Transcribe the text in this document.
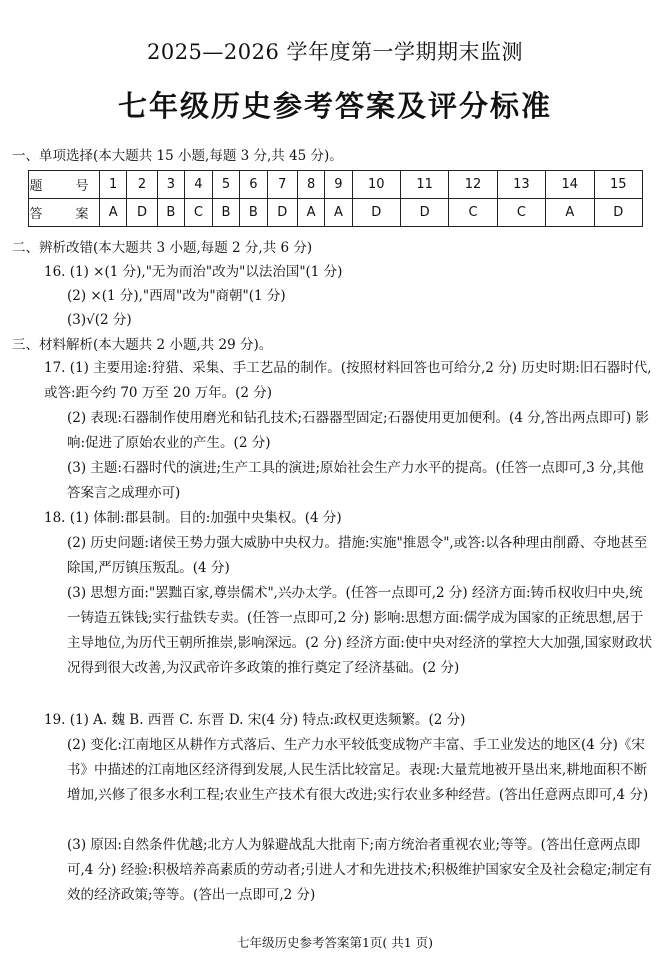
2025—2026 学年度第一学期期末监测
七年级历史参考答案及评分标准
一、单项选择(本大题共 15 小题,每题 3 分,共 45 分)。
题　号	1	2	3	4	5	6	7	8	9	10	11	12	13	14	15
答　案	A	D	B	C	B	B	D	A	A	D	D	C	C	A	D
二、辨析改错(本大题共 3 小题,每题 2 分,共 6 分)
16. (1) ×(1 分),"无为而治"改为"以法治国"(1 分)
(2) ×(1 分),"西周"改为"商朝"(1 分)
(3)√(2 分)
三、材料解析(本大题共 2 小题,共 29 分)。
17. (1) 主要用途:狩猎、采集、手工艺品的制作。(按照材料回答也可给分,2 分) 历史时期:旧石器时代,或答:距今约 70 万至 20 万年。(2 分)
(2) 表现:石器制作使用磨光和钻孔技术;石器器型固定;石器使用更加便利。(4 分,答出两点即可) 影响:促进了原始农业的产生。(2 分)
(3) 主题:石器时代的演进;生产工具的演进;原始社会生产力水平的提高。(任答一点即可,3 分,其他答案言之成理亦可)
18. (1) 体制:郡县制。目的:加强中央集权。(4 分)
(2) 历史问题:诸侯王势力强大威胁中央权力。措施:实施"推恩令",或答:以各种理由削爵、夺地甚至除国,严厉镇压叛乱。(4 分)
(3) 思想方面:"罢黜百家,尊崇儒术",兴办太学。(任答一点即可,2 分) 经济方面:铸币权收归中央,统一铸造五铢钱;实行盐铁专卖。(任答一点即可,2 分) 影响:思想方面:儒学成为国家的正统思想,居于主导地位,为历代王朝所推崇,影响深远。(2 分) 经济方面:使中央对经济的掌控大大加强,国家财政状况得到很大改善,为汉武帝许多政策的推行奠定了经济基础。(2 分)
19. (1) A. 魏 B. 西晋 C. 东晋 D. 宋(4 分) 特点:政权更迭频繁。(2 分)
(2) 变化:江南地区从耕作方式落后、生产力水平较低变成物产丰富、手工业发达的地区(4 分)《宋书》中描述的江南地区经济得到发展,人民生活比较富足。表现:大量荒地被开垦出来,耕地面积不断增加,兴修了很多水利工程;农业生产技术有很大改进;实行农业多种经营。(答出任意两点即可,4 分)
(3) 原因:自然条件优越;北方人为躲避战乱大批南下;南方统治者重视农业;等等。(答出任意两点即可,4 分) 经验:积极培养高素质的劳动者;引进人才和先进技术;积极维护国家安全及社会稳定;制定有效的经济政策;等等。(答出一点即可,2 分)
七年级历史参考答案第1页( 共1 页)
